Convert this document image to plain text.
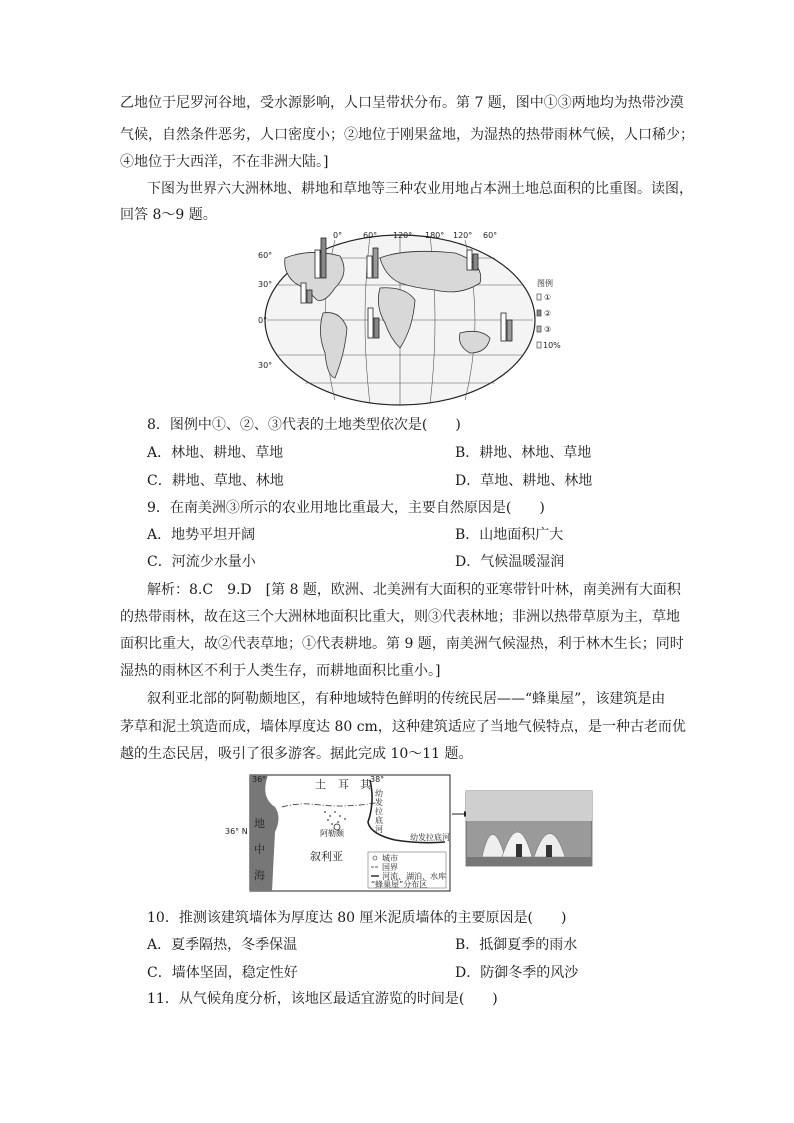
乙地位于尼罗河谷地，受水源影响，人口呈带状分布。第 7 题，图中①③两地均为热带沙漠
气候，自然条件恶劣，人口密度小；②地位于刚果盆地，为湿热的热带雨林气候，人口稀少；
④地位于大西洋，不在非洲大陆。]
下图为世界六大洲林地、耕地和草地等三种农业用地占本洲土地总面积的比重图。读图，
回答 8～9 题。
60°
30°
0°
30°
0°	60° 120° 180° 120° 60°
图例
①
②
③
10%
8．图例中①、②、③代表的土地类型依次是(　　)
A．林地、耕地、草地	B．耕地、林地、草地
C．耕地、草地、林地	D．草地、耕地、林地
9．在南美洲③所示的农业用地比重最大，主要自然原因是(　　)
A．地势平坦开阔	B．山地面积广大
C．河流少水量小	D．气候温暖湿润
解析：8.C　9.D　[第 8 题，欧洲、北美洲有大面积的亚寒带针叶林，南美洲有大面积
的热带雨林，故在这三个大洲林地面积比重大，则③代表林地；非洲以热带草原为主，草地
面积比重大，故②代表草地；①代表耕地。第 9 题，南美洲气候湿热，利于林木生长；同时
湿热的雨林区不利于人类生存，而耕地面积比重小。]
叙利亚北部的阿勒颇地区，有种地域特色鲜明的传统民居——“蜂巢屋”，该建筑是由
茅草和泥土筑造而成，墙体厚度达 80 cm，这种建筑适应了当地气候特点，是一种古老而优
越的生态民居，吸引了很多游客。据此完成 10～11 题。
地
中
海
36° N
36°	38°
土 耳 其
幼
发
拉
底
河
幼发拉底河
阿勒颇
叙利亚	城市
国界
河流、湖泊、水库
“蜂巢屋”分布区
10．推测该建筑墙体为厚度达 80 厘米泥质墙体的主要原因是(　　)
A．夏季隔热，冬季保温	B．抵御夏季的雨水
C．墙体坚固，稳定性好	D．防御冬季的风沙
11．从气候角度分析，该地区最适宜游览的时间是(　　)
